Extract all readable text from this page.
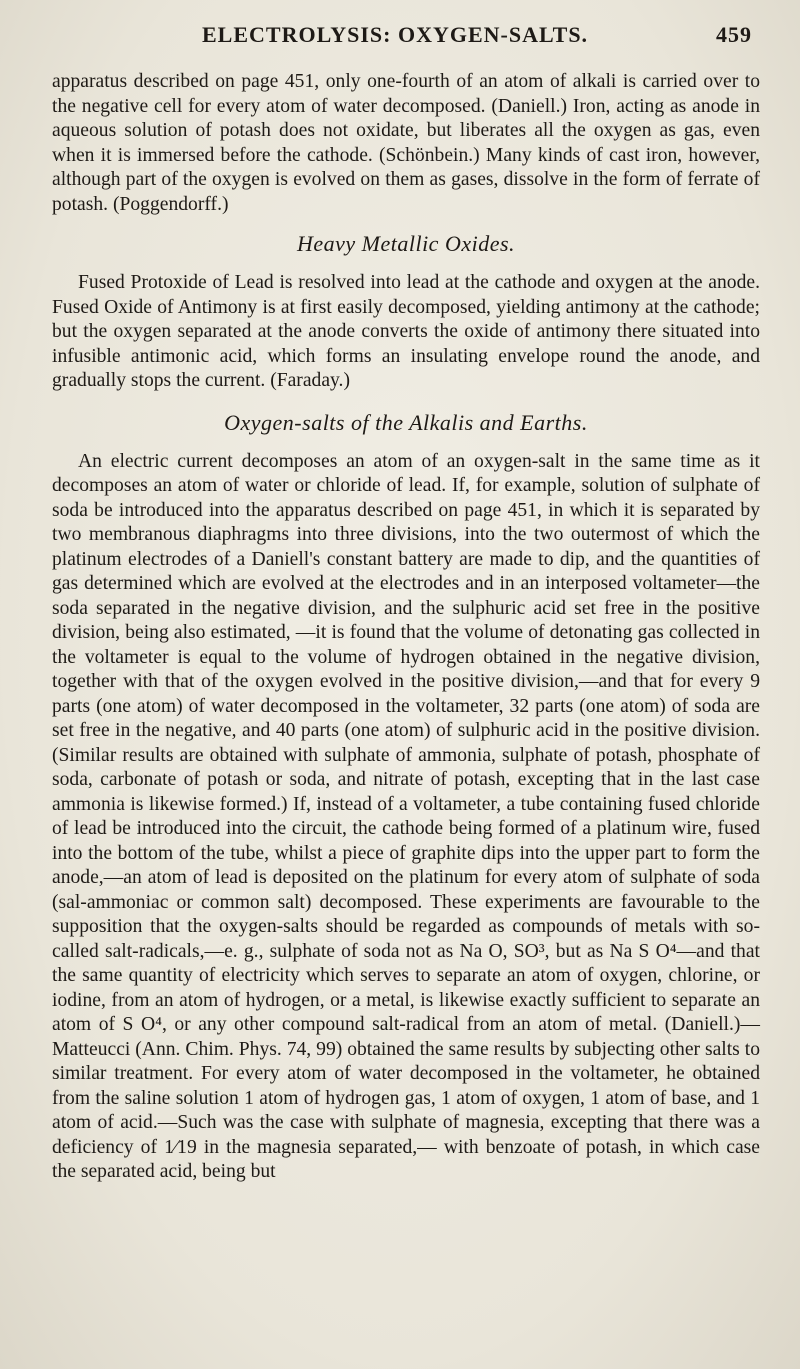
ELECTROLYSIS: OXYGEN-SALTS.	459

apparatus described on page 451, only one-fourth of an atom of alkali is carried over to the negative cell for every atom of water decomposed. (Daniell.) Iron, acting as anode in aqueous solution of potash does not oxidate, but liberates all the oxygen as gas, even when it is immersed before the cathode. (Schönbein.) Many kinds of cast iron, however, although part of the oxygen is evolved on them as gases, dissolve in the form of ferrate of potash. (Poggendorff.)

Heavy Metallic Oxides.

Fused Protoxide of Lead is resolved into lead at the cathode and oxygen at the anode. Fused Oxide of Antimony is at first easily decomposed, yielding antimony at the cathode; but the oxygen separated at the anode converts the oxide of antimony there situated into infusible antimonic acid, which forms an insulating envelope round the anode, and gradually stops the current. (Faraday.)

Oxygen-salts of the Alkalis and Earths.

An electric current decomposes an atom of an oxygen-salt in the same time as it decomposes an atom of water or chloride of lead. If, for example, solution of sulphate of soda be introduced into the apparatus described on page 451, in which it is separated by two membranous diaphragms into three divisions, into the two outermost of which the platinum electrodes of a Daniell's constant battery are made to dip, and the quantities of gas determined which are evolved at the electrodes and in an interposed voltameter—the soda separated in the negative division, and the sulphuric acid set free in the positive division, being also estimated, —it is found that the volume of detonating gas collected in the voltameter is equal to the volume of hydrogen obtained in the negative division, together with that of the oxygen evolved in the positive division,—and that for every 9 parts (one atom) of water decomposed in the voltameter, 32 parts (one atom) of soda are set free in the negative, and 40 parts (one atom) of sulphuric acid in the positive division. (Similar results are obtained with sulphate of ammonia, sulphate of potash, phosphate of soda, carbonate of potash or soda, and nitrate of potash, excepting that in the last case ammonia is likewise formed.) If, instead of a voltameter, a tube containing fused chloride of lead be introduced into the circuit, the cathode being formed of a platinum wire, fused into the bottom of the tube, whilst a piece of graphite dips into the upper part to form the anode,—an atom of lead is deposited on the platinum for every atom of sulphate of soda (sal-ammoniac or common salt) decomposed. These experiments are favourable to the supposition that the oxygen-salts should be regarded as compounds of metals with so-called salt-radicals,—e. g., sulphate of soda not as Na O, SO³, but as Na S O⁴—and that the same quantity of electricity which serves to separate an atom of oxygen, chlorine, or iodine, from an atom of hydrogen, or a metal, is likewise exactly sufficient to separate an atom of S O⁴, or any other compound salt-radical from an atom of metal. (Daniell.)—Matteucci (Ann. Chim. Phys. 74, 99) obtained the same results by subjecting other salts to similar treatment. For every atom of water decomposed in the voltameter, he obtained from the saline solution 1 atom of hydrogen gas, 1 atom of oxygen, 1 atom of base, and 1 atom of acid.—Such was the case with sulphate of magnesia, excepting that there was a deficiency of 1⁄19 in the magnesia separated,— with benzoate of potash, in which case the separated acid, being but
